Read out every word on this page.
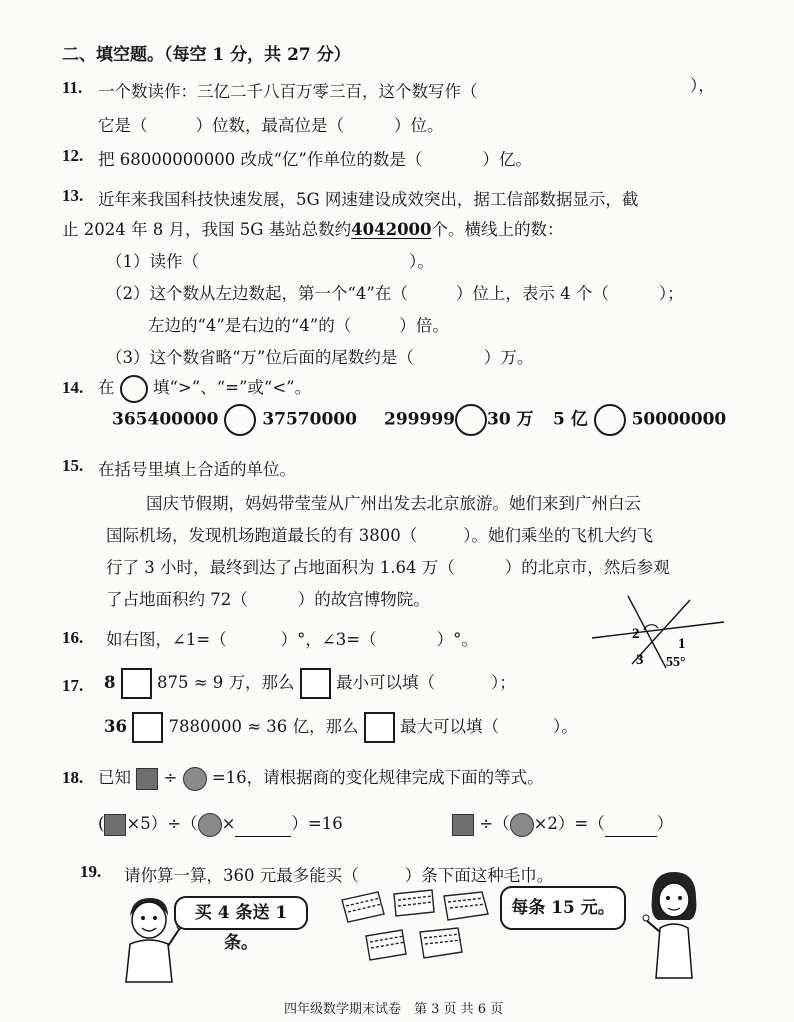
二、填空题。（每空 1 分，共 27 分）
11. 一个数读作：三亿二千八百万零三百，这个数写作（	），
它是（	）位数，最高位是（	）位。
12. 把 68000000000 改成“亿”作单位的数是（	）亿。
13. 近年来我国科技快速发展，5G 网速建设成效突出，据工信部数据显示，截
止 2024 年 8 月，我国 5G 基站总数约4042000个。横线上的数：
（1）读作（	）。
（2）这个数从左边数起，第一个“4”在（	）位上，表示 4 个（	）；
左边的“4”是右边的“4”的（	）倍。
（3）这个数省略“万”位后面的尾数约是（	）万。
14. 在 填“>”、“=”或“<”。
365400000	37570000 299999 30 万 5 亿	50000000
15. 在括号里填上合适的单位。
国庆节假期，妈妈带莹莹从广州出发去北京旅游。她们来到广州白云
国际机场，发现机场跑道最长的有 3800（	）。她们乘坐的飞机大约飞
行了 3 小时，最终到达了占地面积为 1.64 万（	）的北京市，然后参观
了占地面积约 72（	）的故宫博物院。
16. 如右图，∠1=（	）°，∠3=（	）°。	2
1
3 55°
17. 8	875 ≈ 9 万，那么	最小可以填（	）；
36	7880000 ≈ 36 亿，那么	最大可以填（	）。
18. 已知 ÷ =16，请根据商的变化规律完成下面的等式。
( ×5）÷（ ×	）=16	÷（ ×2）=（	）
19. 请你算一算，360 元最多能买（	）条下面这种毛巾。
买 4 条送 1 条。
每条 15 元。
四年级数学期末试卷　第 3 页 共 6 页
